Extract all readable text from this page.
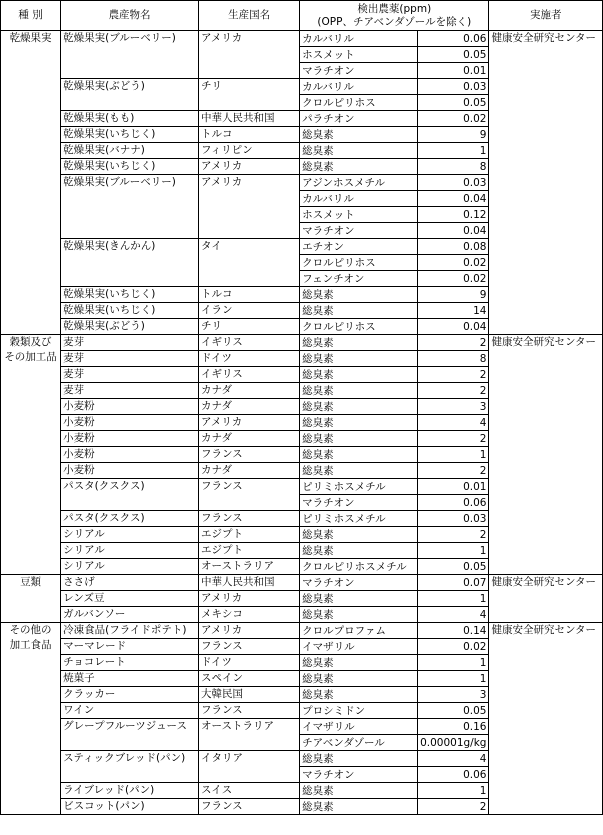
種 別	農産物名	生産国名	検出農薬(ppm)
(OPP、チアベンダゾールを除く)		実施者
乾燥果実	乾燥果実(ブルーベリー)	アメリカ	カルバリル	0.06	健康安全研究センター
			ホスメット	0.05	
			マラチオン	0.01	
	乾燥果実(ぶどう)	チリ	カルバリル	0.03	
			クロルピリホス	0.05	
	乾燥果実(もも)	中華人民共和国	パラチオン	0.02	
	乾燥果実(いちじく)	トルコ	総臭素	9	
	乾燥果実(バナナ)	フィリピン	総臭素	1	
	乾燥果実(いちじく)	アメリカ	総臭素	8	
	乾燥果実(ブルーベリー)	アメリカ	アジンホスメチル	0.03	
			カルバリル	0.04	
			ホスメット	0.12	
			マラチオン	0.04	
	乾燥果実(きんかん)	タイ	エチオン	0.08	
			クロルピリホス	0.02	
			フェンチオン	0.02	
	乾燥果実(いちじく)	トルコ	総臭素	9	
	乾燥果実(いちじく)	イラン	総臭素	14	
	乾燥果実(ぶどう)	チリ	クロルピリホス	0.04	
穀類及び その加工品	麦芽	イギリス	総臭素	2	健康安全研究センター
	麦芽	ドイツ	総臭素	8	
	麦芽	イギリス	総臭素	2	
	麦芽	カナダ	総臭素	2	
	小麦粉	カナダ	総臭素	3	
	小麦粉	アメリカ	総臭素	4	
	小麦粉	カナダ	総臭素	2	
	小麦粉	フランス	総臭素	1	
	小麦粉	カナダ	総臭素	2	
	パスタ(クスクス)	フランス	ピリミホスメチル	0.01	
			マラチオン	0.06	
	パスタ(クスクス)	フランス	ピリミホスメチル	0.03	
	シリアル	エジプト	総臭素	2	
	シリアル	エジプト	総臭素	1	
	シリアル	オーストラリア	クロルピリホスメチル	0.05	
豆類	ささげ	中華人民共和国	マラチオン	0.07	健康安全研究センター
	レンズ豆	アメリカ	総臭素	1	
	ガルバンソー	メキシコ	総臭素	4	
その他の 加工食品	冷凍食品(フライドポテト)	アメリカ	クロルプロファム	0.14	健康安全研究センター
	マーマレード	フランス	イマザリル	0.02	
	チョコレート	ドイツ	総臭素	1	
	焼菓子	スペイン	総臭素	1	
	クラッカー	大韓民国	総臭素	3	
	ワイン	フランス	プロシミドン	0.05	
	グレープフルーツジュース	オーストラリア	イマザリル	0.16	
			チアベンダゾール	0.00001g/kg	
	スティックブレッド(パン)	イタリア	総臭素	4	
			マラチオン	0.06	
	ライブレッド(パン)	スイス	総臭素	1	
	ビスコット(パン)	フランス	総臭素	2	
